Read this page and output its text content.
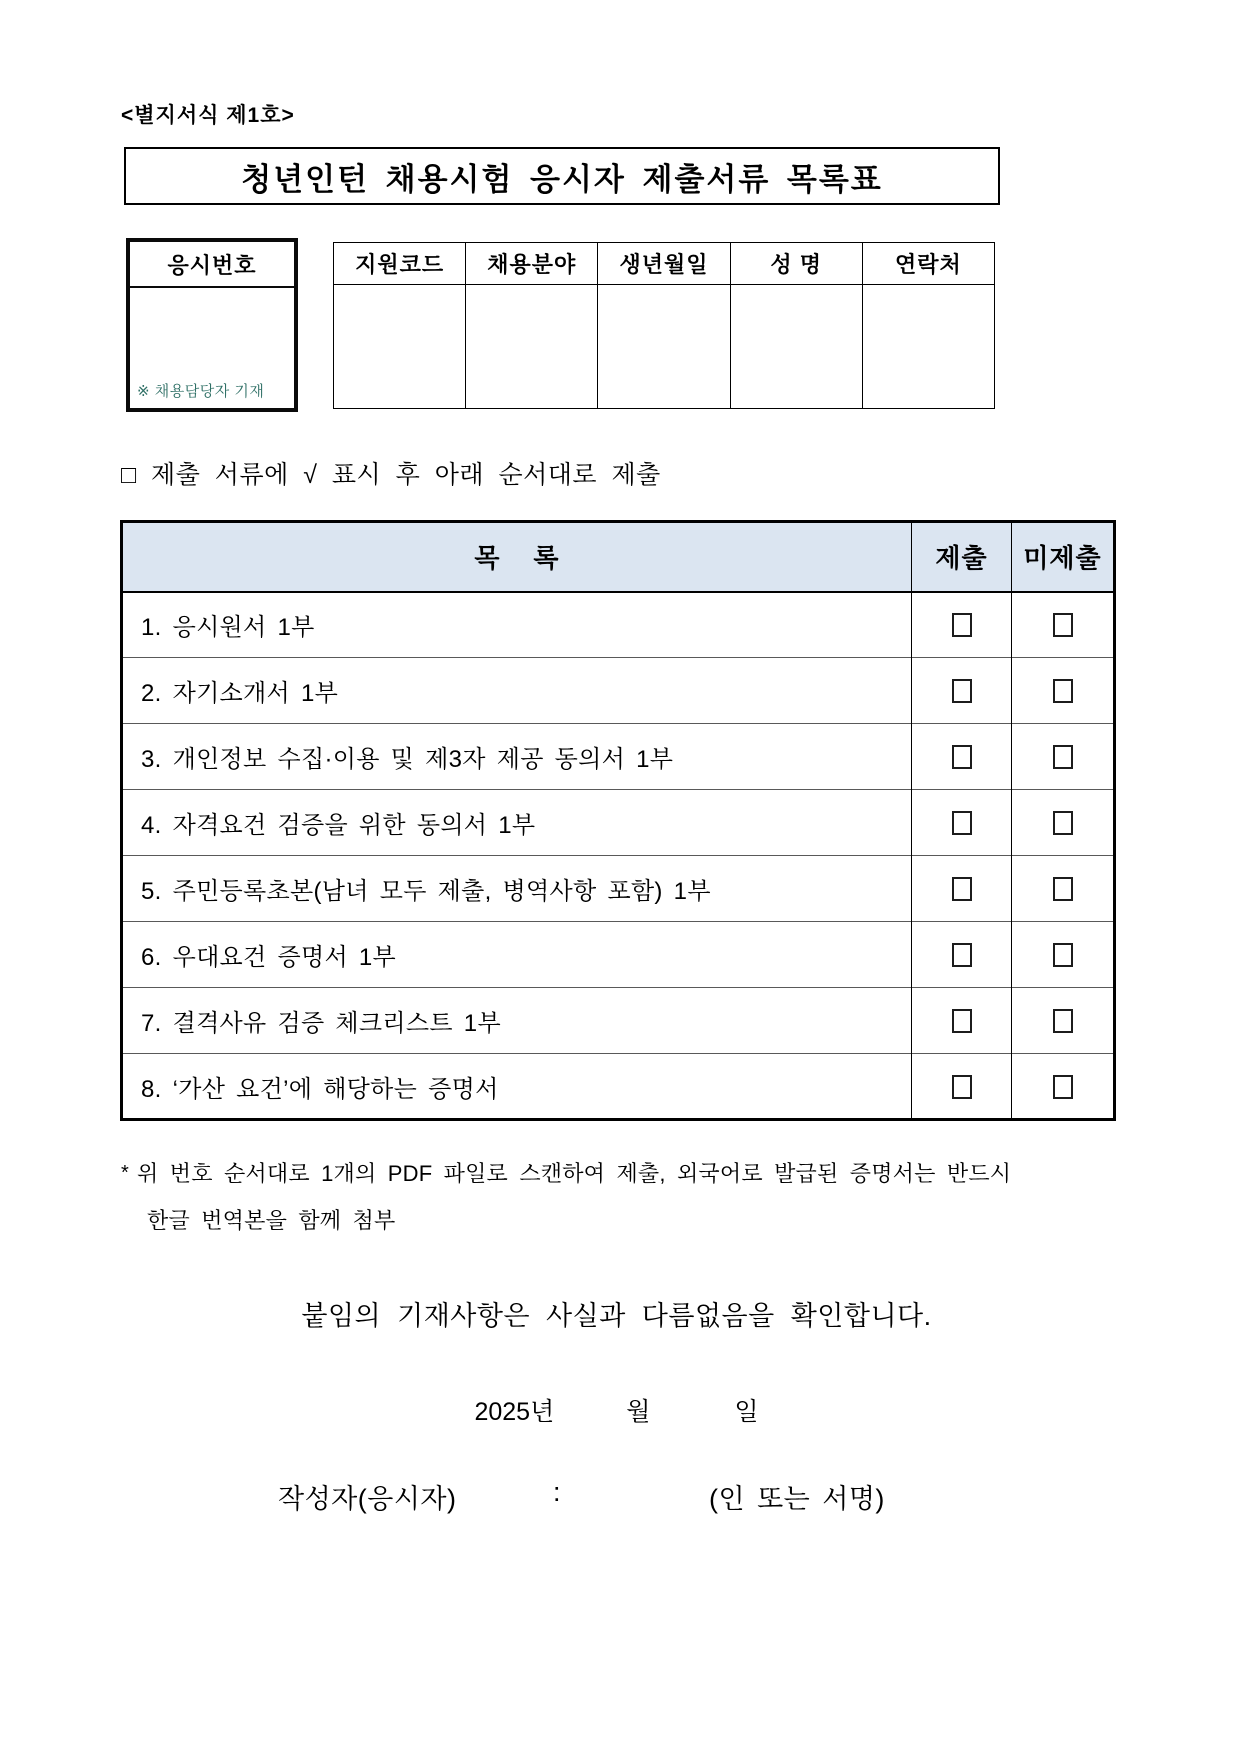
<별지서식 제1호>
청년인턴 채용시험 응시자 제출서류 목록표
응시번호
※ 채용담당자 기재
지원코드	채용분야	생년월일	성 명	연락처

□ 제출 서류에 √ 표시 후 아래 순서대로 제출
목    록	제출	미제출
1. 응시원서 1부		
2. 자기소개서 1부		
3. 개인정보 수집·이용 및 제3자 제공 동의서 1부		
4. 자격요건 검증을 위한 동의서 1부		
5. 주민등록초본(남녀 모두 제출, 병역사항 포함) 1부		
6. 우대요건 증명서 1부		
7. 결격사유 검증 체크리스트 1부		
8. ‘가산 요건’에 해당하는 증명서		
* 위 번호 순서대로 1개의 PDF 파일로 스캔하여 제출, 외국어로 발급된 증명서는 반드시
한글 번역본을 함께 첨부
붙임의 기재사항은 사실과 다름없음을 확인합니다.
2025년	월	일
작성자(응시자)	:	(인 또는 서명)
